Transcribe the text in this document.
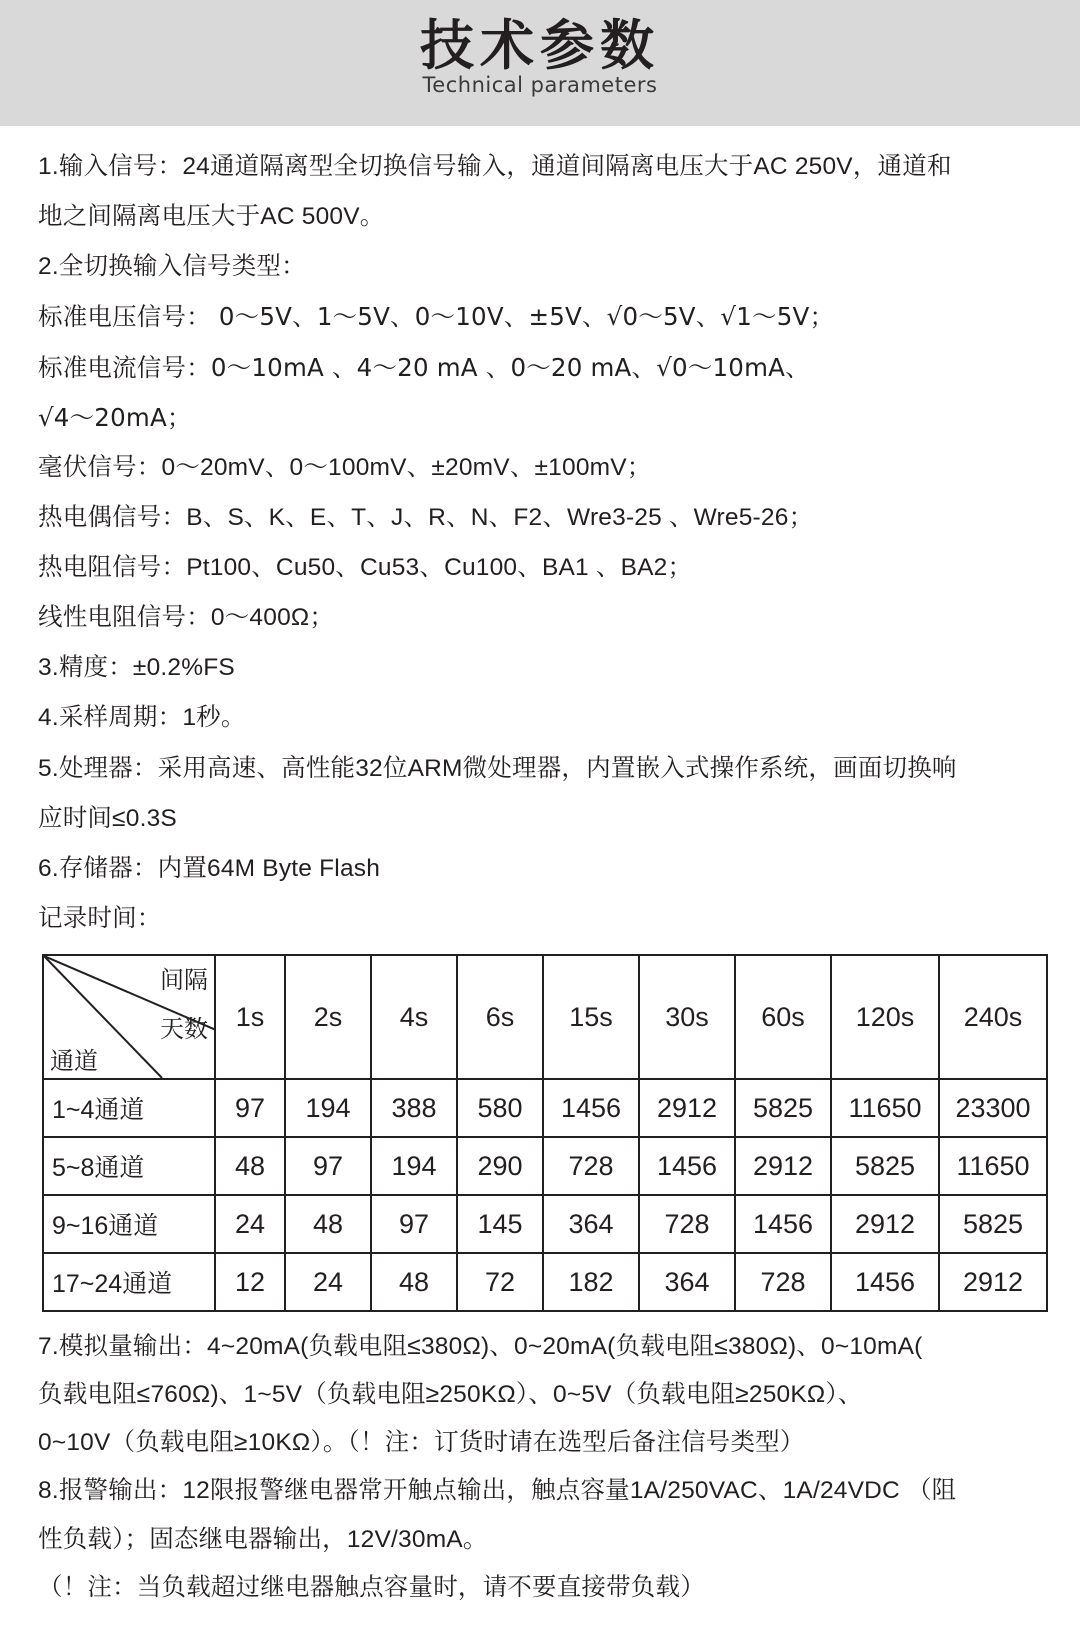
技术参数
Technical parameters

1.输入信号：24通道隔离型全切换信号输入，通道间隔离电压大于AC 250V，通道和

地之间隔离电压大于AC 500V。

2.全切换输入信号类型：

标准电压信号： 0～5V、1～5V、0～10V、±5V、√0～5V、√1～5V；

标准电流信号：0～10mA 、4～20 mA 、0～20 mA、√0～10mA、

√4～20mA；

毫伏信号：0～20mV、0～100mV、±20mV、±100mV；

热电偶信号：B、S、K、E、T、J、R、N、F2、Wre3-25 、Wre5-26；

热电阻信号：Pt100、Cu50、Cu53、Cu100、BA1 、BA2；

线性电阻信号：0～400Ω；

3.精度：±0.2%FS

4.采样周期：1秒。

5.处理器：采用高速、高性能32位ARM微处理器，内置嵌入式操作系统，画面切换响

应时间≤0.3S

6.存储器：内置64M Byte Flash

记录时间：

间隔
天数
通道	1s	2s	4s	6s	15s	30s	60s	120s	240s
1~4通道	97	194	388	580	1456	2912	5825	11650	23300
5~8通道	48	97	194	290	728	1456	2912	5825	11650
9~16通道	24	48	97	145	364	728	1456	2912	5825
17~24通道	12	24	48	72	182	364	728	1456	2912

7.模拟量输出：4~20mA(负载电阻≤380Ω)、0~20mA(负载电阻≤380Ω)、0~10mA(

负载电阻≤760Ω)、1~5V（负载电阻≥250KΩ）、0~5V（负载电阻≥250KΩ）、

0~10V（负载电阻≥10KΩ）。（！注：订货时请在选型后备注信号类型）

8.报警输出：12限报警继电器常开触点输出，触点容量1A/250VAC、1A/24VDC （阻

性负载）；固态继电器输出，12V/30mA。

（！注：当负载超过继电器触点容量时，请不要直接带负载）
